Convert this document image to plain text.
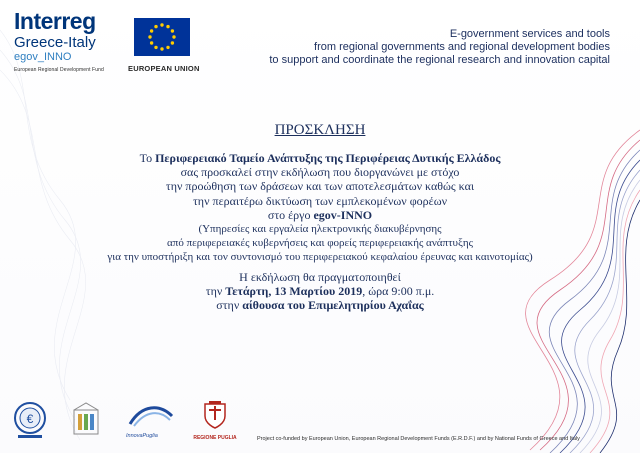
Interreg
Greece-Italy
egov_INNO
European Regional Development Fund	EUROPEAN UNION
E-government services and tools
from regional governments and regional development bodies
to support and coordinate the regional research and innovation capital
ΠΡΟΣΚΛΗΣΗ
Το Περιφερειακό Ταμείο Ανάπτυξης της Περιφέρειας Δυτικής Ελλάδος
σας προσκαλεί στην εκδήλωση που διοργανώνει με στόχο
την προώθηση των δράσεων και των αποτελεσμάτων καθώς και
την περαιτέρω δικτύωση των εμπλεκομένων φορέων
στο έργο egov-INNO
(Υπηρεσίες και εργαλεία ηλεκτρονικής διακυβέρνησης
από περιφερειακές κυβερνήσεις και φορείς περιφερειακής ανάπτυξης
για την υποστήριξη και τον συντονισμό του περιφερειακού κεφαλαίου έρευνας και καινοτομίας)
Η εκδήλωση θα πραγματοποιηθεί
την Τετάρτη, 13 Μαρτίου 2019, ώρα 9:00 π.μ.
στην αίθουσα του Επιμελητηρίου Αχαΐας
€
InnovaPuglia	REGIONE PUGLIA	Project co-funded by European Union, European Regional Development Funds (E.R.D.F.) and by National Funds of Greece and Italy
